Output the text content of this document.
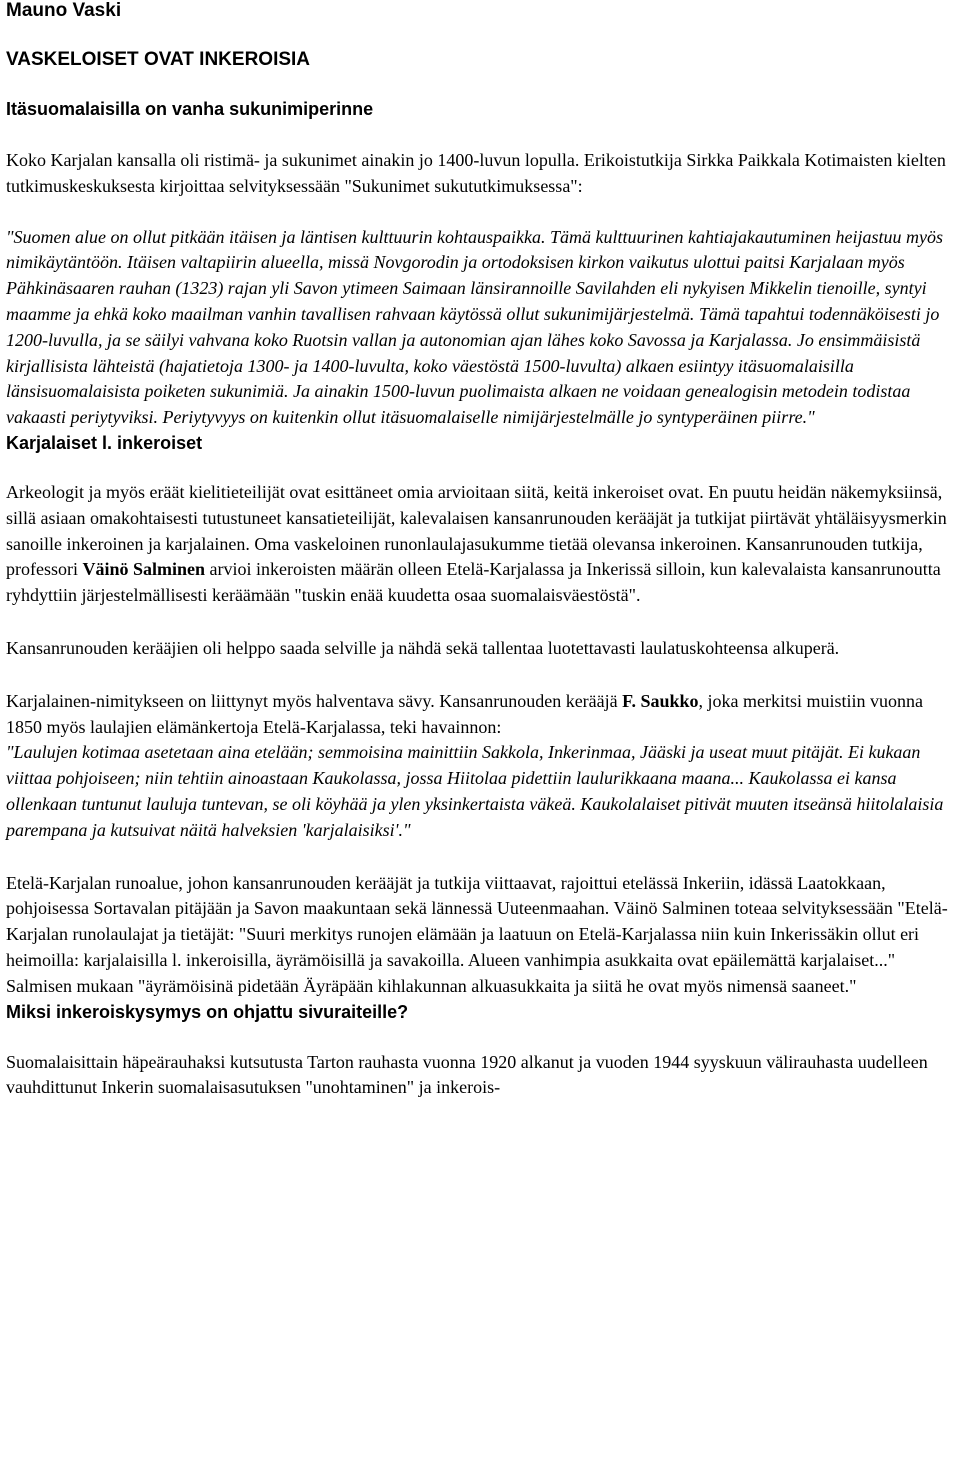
Mauno Vaski
VASKELOISET OVAT INKEROISIA
Itäsuomalaisilla on vanha sukunimiperinne

Koko Karjalan kansalla oli ristimä- ja sukunimet ainakin jo 1400-luvun lopulla. Erikoistutkija Sirkka Paikkala Kotimaisten kielten tutkimuskeskuksesta kirjoittaa selvityksessään "Sukunimet sukututkimuksessa":

"Suomen alue on ollut pitkään itäisen ja läntisen kulttuurin kohtauspaikka. Tämä kulttuurinen kahtiajakautuminen heijastuu myös nimikäytäntöön. Itäisen valtapiirin alueella, missä Novgorodin ja ortodoksisen kirkon vaikutus ulottui paitsi Karjalaan myös Pähkinäsaaren rauhan (1323) rajan yli Savon ytimeen Saimaan länsirannoille Savilahden eli nykyisen Mikkelin tienoille, syntyi maamme ja ehkä koko maailman vanhin tavallisen rahvaan käytössä ollut sukunimijärjestelmä. Tämä tapahtui todennäköisesti jo 1200-luvulla, ja se säilyi vahvana koko Ruotsin vallan ja autonomian ajan lähes koko Savossa ja Karjalassa. Jo ensimmäisistä kirjallisista lähteistä (hajatietoja 1300- ja 1400-luvulta, koko väestöstä 1500-luvulta) alkaen esiintyy itäsuomalaisilla länsisuomalaisista poiketen sukunimiä. Ja ainakin 1500-luvun puolimaista alkaen ne voidaan genealogisin metodein todistaa vakaasti periytyviksi. Periytyvyys on kuitenkin ollut itäsuomalaiselle nimijärjestelmälle jo syntyperäinen piirre."

Karjalaiset l. inkeroiset

Arkeologit ja myös eräät kielitieteilijät ovat esittäneet omia arvioitaan siitä, keitä inkeroiset ovat. En puutu heidän näkemyksiinsä, sillä asiaan omakohtaisesti tutustuneet kansatieteilijät, kalevalaisen kansanrunouden kerääjät ja tutkijat piirtävät yhtäläisyysmerkin sanoille inkeroinen ja karjalainen. Oma vaskeloinen runonlaulajasukumme tietää olevansa inkeroinen. Kansanrunouden tutkija, professori Väinö Salminen arvioi inkeroisten määrän olleen Etelä-Karjalassa ja Inkerissä silloin, kun kalevalaista kansanrunoutta ryhdyttiin järjestelmällisesti keräämään "tuskin enää kuudetta osaa suomalaisväestöstä".

Kansanrunouden kerääjien oli helppo saada selville ja nähdä sekä tallentaa luotettavasti laulatuskohteensa alkuperä.

Karjalainen-nimitykseen on liittynyt myös halventava sävy. Kansanrunouden kerääjä F. Saukko, joka merkitsi muistiin vuonna 1850 myös laulajien elämänkertoja Etelä-Karjalassa, teki havainnon:
"Laulujen kotimaa asetetaan aina etelään; semmoisina mainittiin Sakkola, Inkerinmaa, Jääski ja useat muut pitäjät. Ei kukaan viittaa pohjoiseen; niin tehtiin ainoastaan Kaukolassa, jossa Hiitolaa pidettiin laulurikkaana maana... Kaukolassa ei kansa ollenkaan tuntunut lauluja tuntevan, se oli köyhää ja ylen yksinkertaista väkeä. Kaukolalaiset pitivät muuten itseänsä hiitolalaisia parempana ja kutsuivat näitä halveksien 'karjalaisiksi'."

Etelä-Karjalan runoalue, johon kansanrunouden kerääjät ja tutkija viittaavat, rajoittui etelässä Inkeriin, idässä Laatokkaan, pohjoisessa Sortavalan pitäjään ja Savon maakuntaan sekä lännessä Uuteenmaahan. Väinö Salminen toteaa selvityksessään "Etelä-Karjalan runolaulajat ja tietäjät: "Suuri merkitys runojen elämään ja laatuun on Etelä-Karjalassa niin kuin Inkerissäkin ollut eri heimoilla: karjalaisilla l. inkeroisilla, äyrämöisillä ja savakoilla. Alueen vanhimpia asukkaita ovat epäilemättä karjalaiset..." Salmisen mukaan "äyrämöisinä pidetään Äyräpään kihlakunnan alkuasukkaita ja siitä he ovat myös nimensä saaneet."

Miksi inkeroiskysymys on ohjattu sivuraiteille?

Suomalaisittain häpeärauhaksi kutsutusta Tarton rauhasta vuonna 1920 alkanut ja vuoden 1944 syyskuun välirauhasta uudelleen vauhdittunut Inkerin suomalaisasutuksen "unohtaminen" ja inkerois-
